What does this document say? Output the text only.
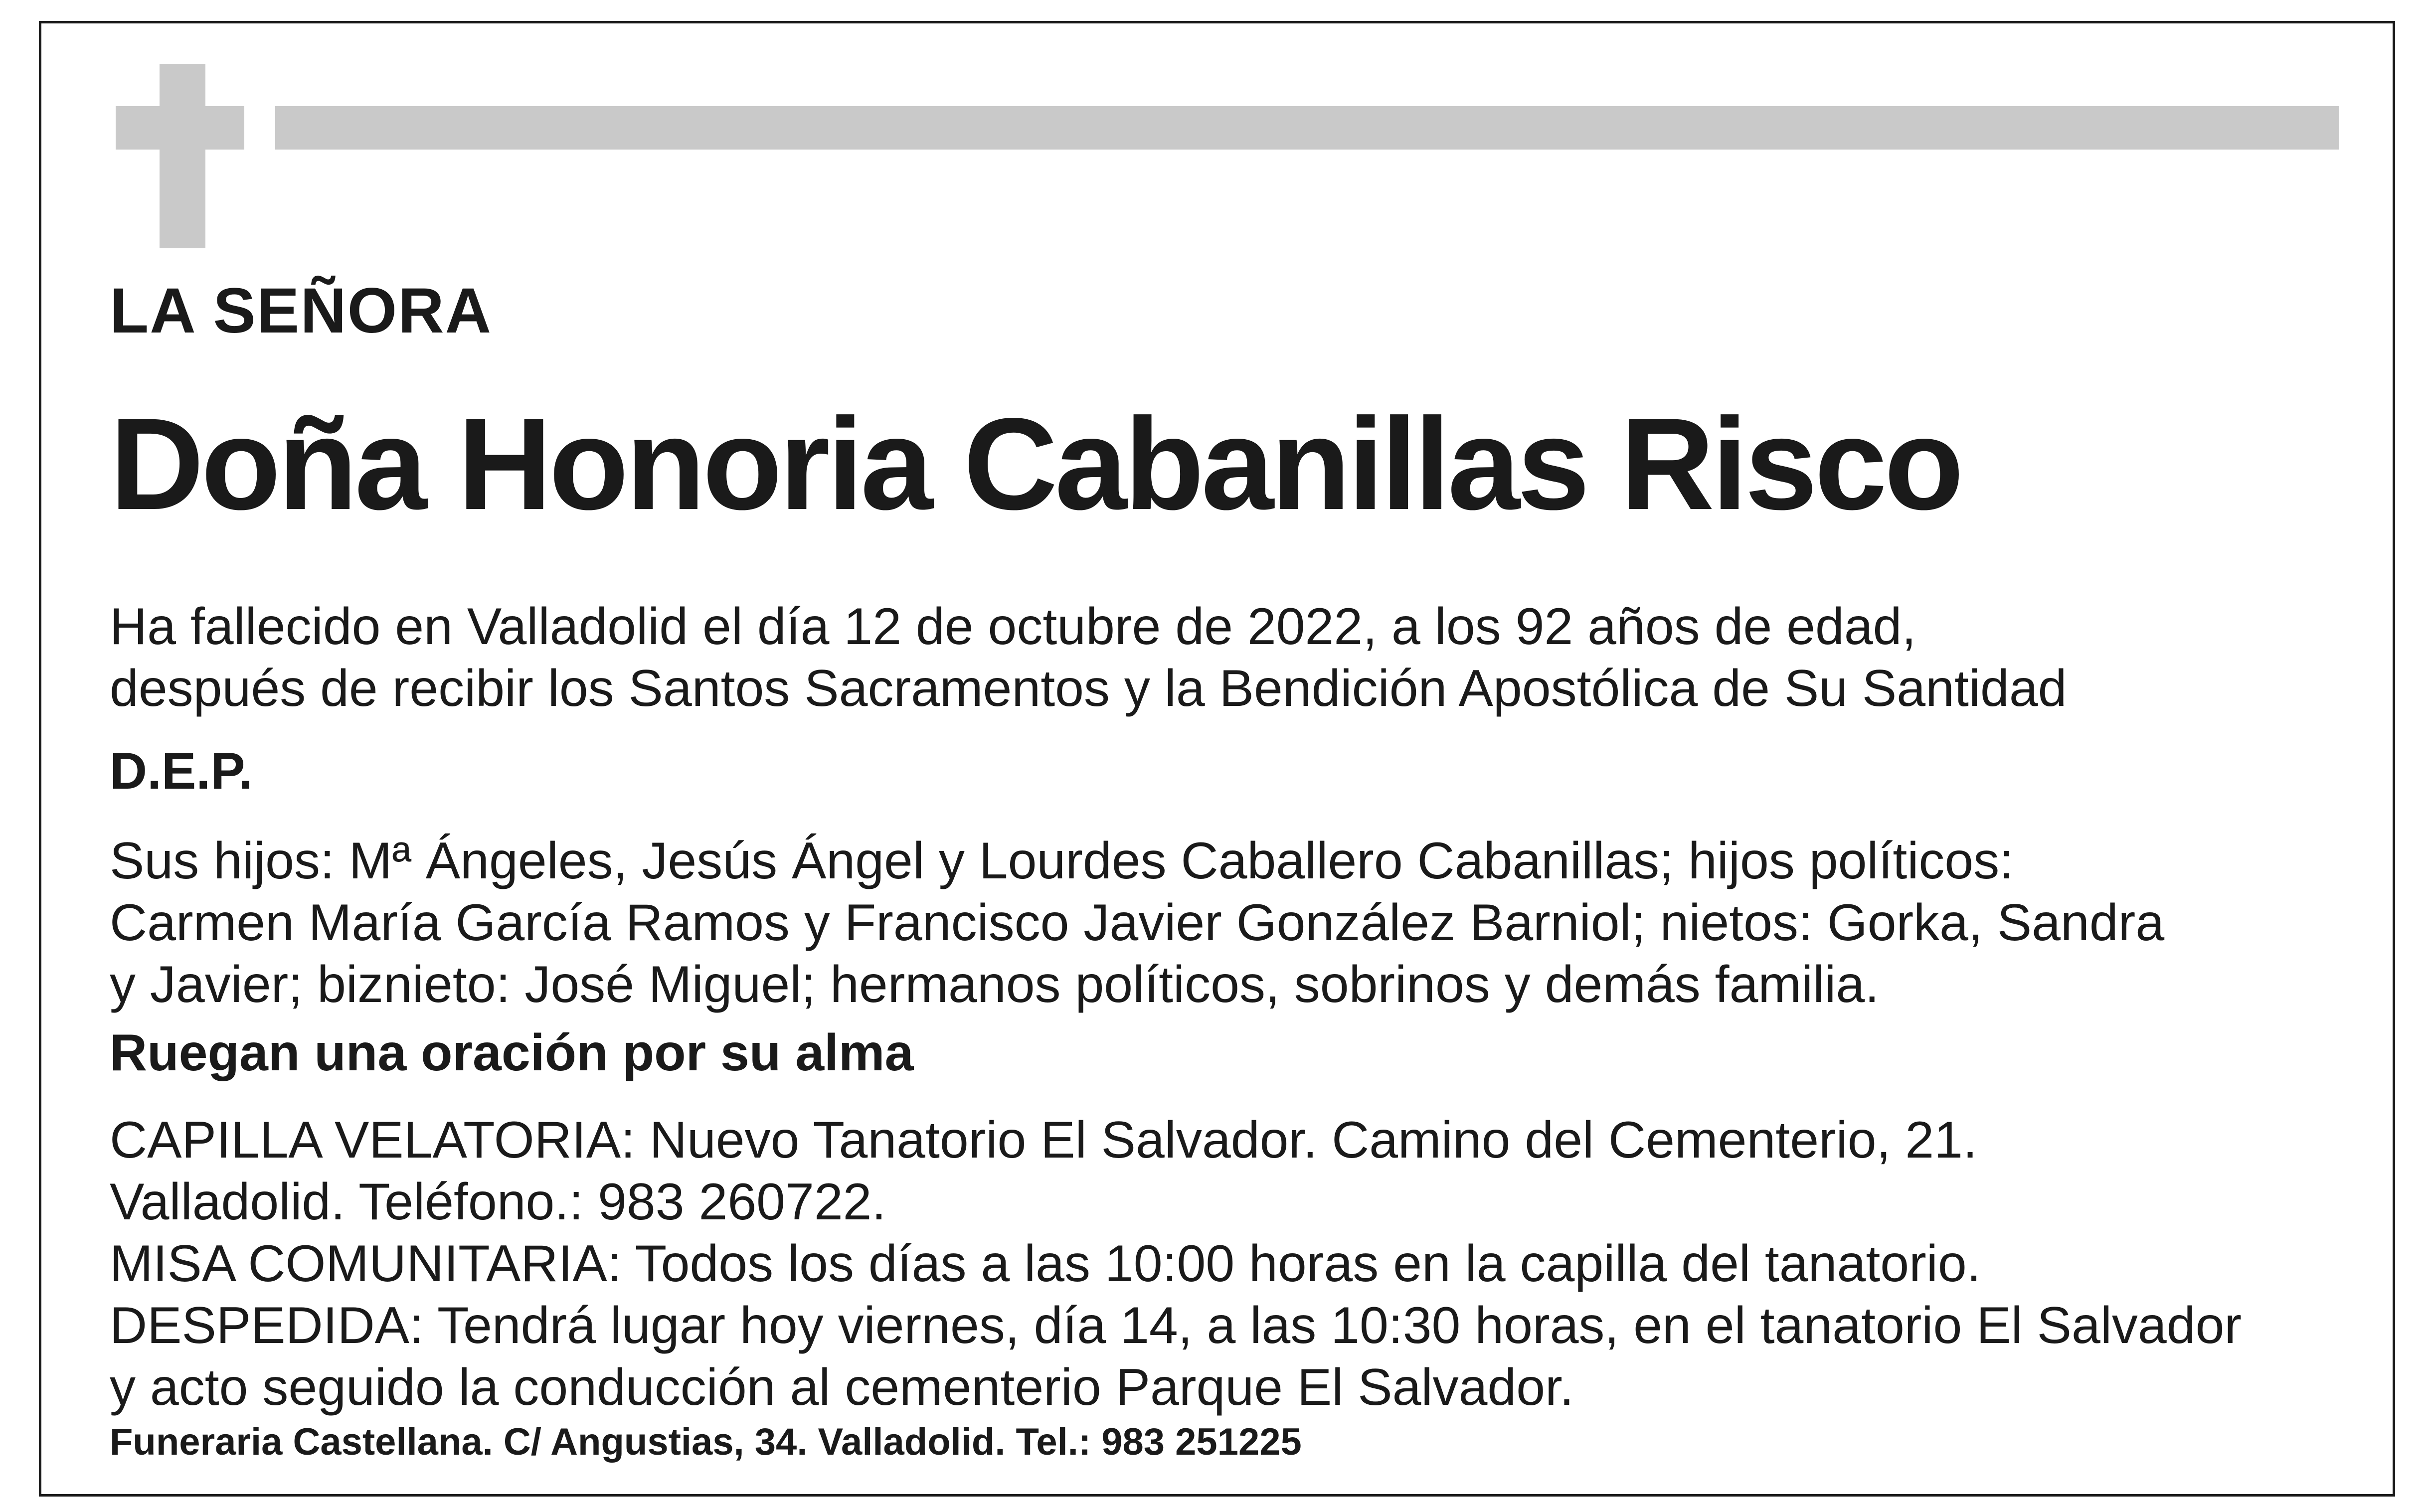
LA SEÑORA

Doña Honoria Cabanillas Risco

Ha fallecido en Valladolid el día 12 de octubre de 2022, a los 92 años de edad,
después de recibir los Santos Sacramentos y la Bendición Apostólica de Su Santidad

D.E.P.

Sus hijos: Mª Ángeles, Jesús Ángel y Lourdes Caballero Cabanillas; hijos políticos:
Carmen María García Ramos y Francisco Javier González Barniol; nietos: Gorka, Sandra
y Javier; biznieto: José Miguel; hermanos políticos, sobrinos y demás familia.

Ruegan una oración por su alma

CAPILLA VELATORIA: Nuevo Tanatorio El Salvador. Camino del Cementerio, 21.
Valladolid. Teléfono.: 983 260722.
MISA COMUNITARIA: Todos los días a las 10:00 horas en la capilla del tanatorio.
DESPEDIDA: Tendrá lugar hoy viernes, día 14, a las 10:30 horas, en el tanatorio El Salvador
y acto seguido la conducción al cementerio Parque El Salvador.

Funeraria Castellana. C/ Angustias, 34. Valladolid. Tel.: 983 251225
